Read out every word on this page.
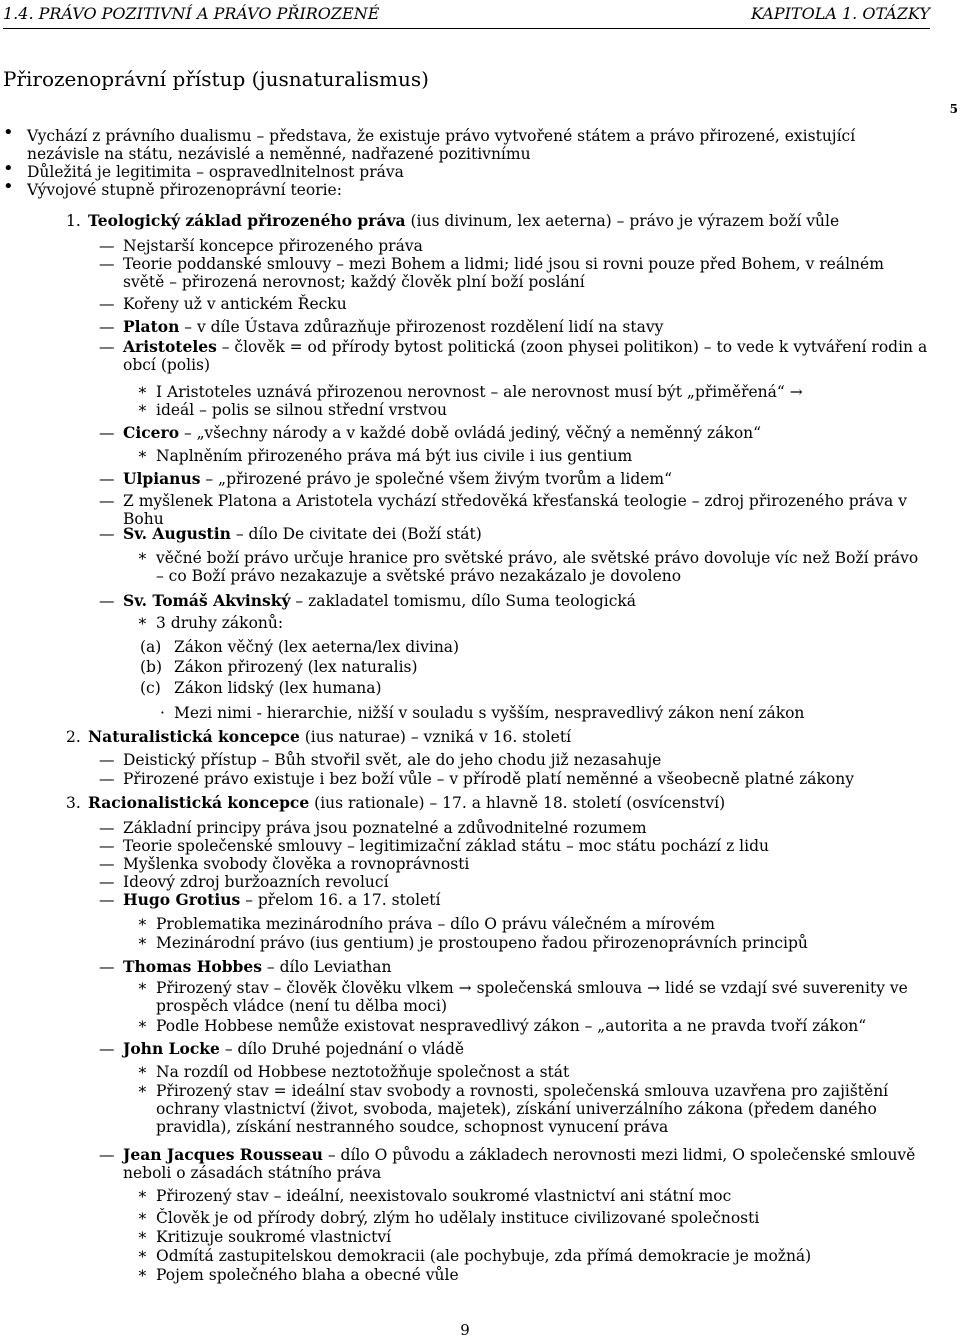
1.4. PRÁVO POZITIVNÍ A PRÁVO PŘIROZENÉ	KAPITOLA 1. OTÁZKY
5
Přirozenoprávní přístup (jusnaturalismus)
• Vychází z právního dualismu – představa, že existuje právo vytvořené státem a právo přirozené, existující nezávisle na státu, nezávislé a neměnné, nadřazené pozitivnímu
• Důležitá je legitimita – ospravedlnitelnost práva
• Vývojové stupně přirozenoprávní teorie:
1. Teologický základ přirozeného práva (ius divinum, lex aeterna) – právo je výrazem boží vůle
— Nejstarší koncepce přirozeného práva
— Teorie poddanské smlouvy – mezi Bohem a lidmi; lidé jsou si rovni pouze před Bohem, v reálném světě – přirozená nerovnost; každý člověk plní boží poslání
— Kořeny už v antickém Řecku
— Platon – v díle Ústava zdůrazňuje přirozenost rozdělení lidí na stavy
— Aristoteles – člověk = od přírody bytost politická (zoon physei politikon) – to vede k vytváření rodin a obcí (polis)
∗ I Aristoteles uznává přirozenou nerovnost – ale nerovnost musí být „přiměřená“ →
∗ ideál – polis se silnou střední vrstvou
— Cicero – „všechny národy a v každé době ovládá jediný, věčný a neměnný zákon“
∗ Naplněním přirozeného práva má být ius civile i ius gentium
— Ulpianus – „přirozené právo je společné všem živým tvorům a lidem“
— Z myšlenek Platona a Aristotela vychází středověká křesťanská teologie – zdroj přirozeného práva v Bohu
— Sv. Augustin – dílo De civitate dei (Boží stát)
∗ věčné boží právo určuje hranice pro světské právo, ale světské právo dovoluje víc než Boží právo – co Boží právo nezakazuje a světské právo nezakázalo je dovoleno
— Sv. Tomáš Akvinský – zakladatel tomismu, dílo Suma teologická
∗ 3 druhy zákonů:
(a) Zákon věčný (lex aeterna/lex divina)
(b) Zákon přirozený (lex naturalis)
(c) Zákon lidský (lex humana)
· Mezi nimi - hierarchie, nižší v souladu s vyšším, nespravedlivý zákon není zákon
2. Naturalistická koncepce (ius naturae) – vzniká v 16. století
— Deistický přístup – Bůh stvořil svět, ale do jeho chodu již nezasahuje
— Přirozené právo existuje i bez boží vůle – v přírodě platí neměnné a všeobecně platné zákony
3. Racionalistická koncepce (ius rationale) – 17. a hlavně 18. století (osvícenství)
— Základní principy práva jsou poznatelné a zdůvodnitelné rozumem
— Teorie společenské smlouvy – legitimizační základ státu – moc státu pochází z lidu
— Myšlenka svobody člověka a rovnoprávnosti
— Ideový zdroj buržoazních revolucí
— Hugo Grotius – přelom 16. a 17. století
∗ Problematika mezinárodního práva – dílo O právu válečném a mírovém
∗ Mezinárodní právo (ius gentium) je prostoupeno řadou přirozenoprávních principů
— Thomas Hobbes – dílo Leviathan
∗ Přirozený stav – člověk člověku vlkem → společenská smlouva → lidé se vzdají své suverenity ve prospěch vládce (není tu dělba moci)
∗ Podle Hobbese nemůže existovat nespravedlivý zákon – „autorita a ne pravda tvoří zákon“
— John Locke – dílo Druhé pojednání o vládě
∗ Na rozdíl od Hobbese neztotožňuje společnost a stát
∗ Přirozený stav = ideální stav svobody a rovnosti, společenská smlouva uzavřena pro zajištění ochrany vlastnictví (život, svoboda, majetek), získání univerzálního zákona (předem daného pravidla), získání nestranného soudce, schopnost vynucení práva
— Jean Jacques Rousseau – dílo O původu a základech nerovnosti mezi lidmi, O společenské smlouvě neboli o zásadách státního práva
∗ Přirozený stav – ideální, neexistovalo soukromé vlastnictví ani státní moc
∗ Člověk je od přírody dobrý, zlým ho udělaly instituce civilizované společnosti
∗ Kritizuje soukromé vlastnictví
∗ Odmítá zastupitelskou demokracii (ale pochybuje, zda přímá demokracie je možná)
∗ Pojem společného blaha a obecné vůle
9
